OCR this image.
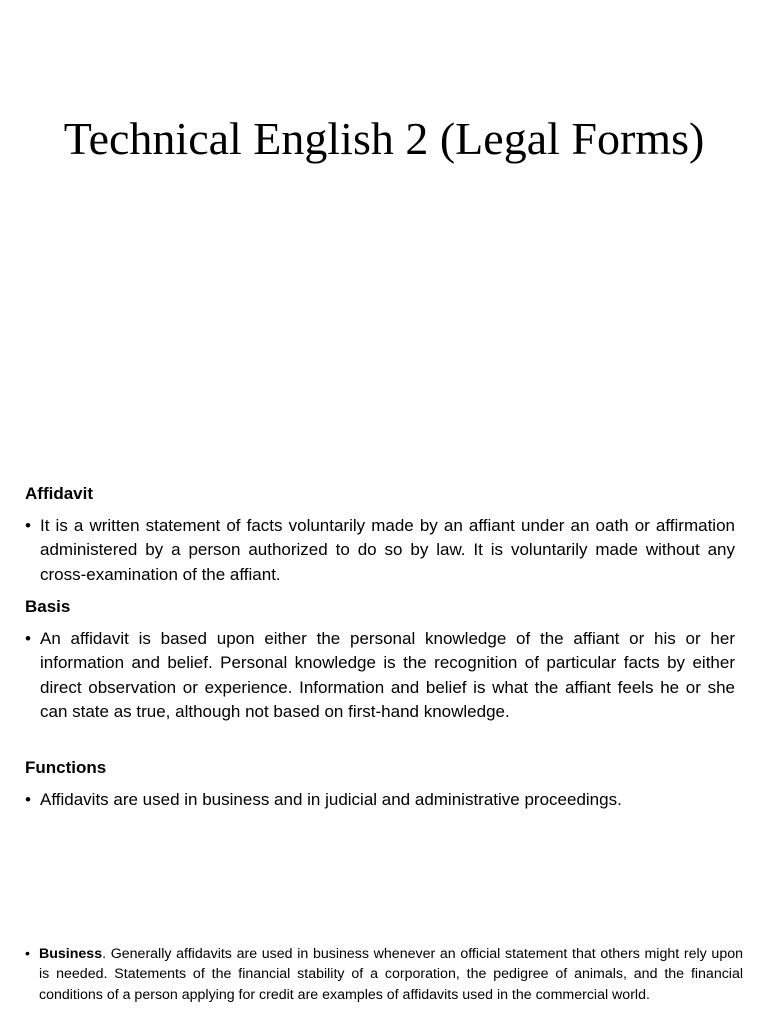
Technical English 2 (Legal Forms)
Affidavit
• It is a written statement of facts voluntarily made by an affiant under an oath or affirmation administered by a person authorized to do so by law. It is voluntarily made without any cross-examination of the affiant.
Basis
• An affidavit is based upon either the personal knowledge of the affiant or his or her information and belief. Personal knowledge is the recognition of particular facts by either direct observation or experience. Information and belief is what the affiant feels he or she can state as true, although not based on first-hand knowledge.
Functions
• Affidavits are used in business and in judicial and administrative proceedings.
• Business. Generally affidavits are used in business whenever an official statement that others might rely upon is needed. Statements of the financial stability of a corporation, the pedigree of animals, and the financial conditions of a person applying for credit are examples of affidavits used in the commercial world.
